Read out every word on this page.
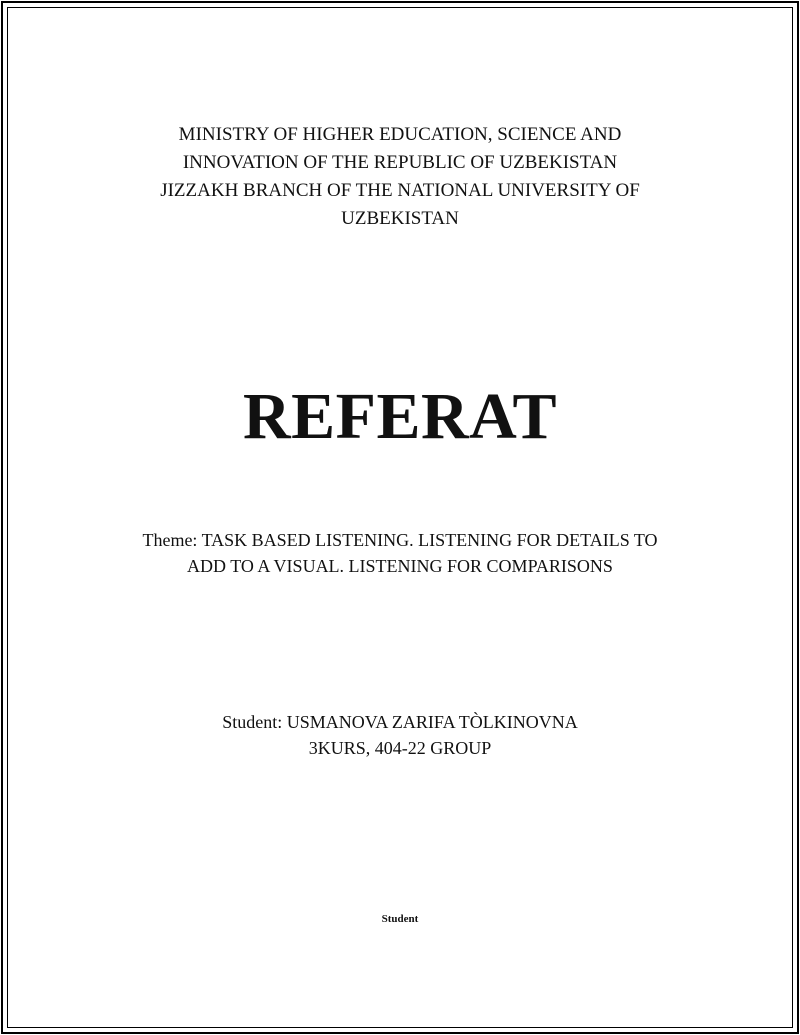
MINISTRY OF HIGHER EDUCATION, SCIENCE AND
INNOVATION OF THE REPUBLIC OF UZBEKISTAN
JIZZAKH BRANCH OF THE NATIONAL UNIVERSITY OF
UZBEKISTAN
REFERAT
Theme: TASK BASED LISTENING. LISTENING FOR DETAILS TO
ADD TO A VISUAL. LISTENING FOR COMPARISONS
Student: USMANOVA ZARIFA TÒLKINOVNA
3KURS, 404-22 GROUP
Student
